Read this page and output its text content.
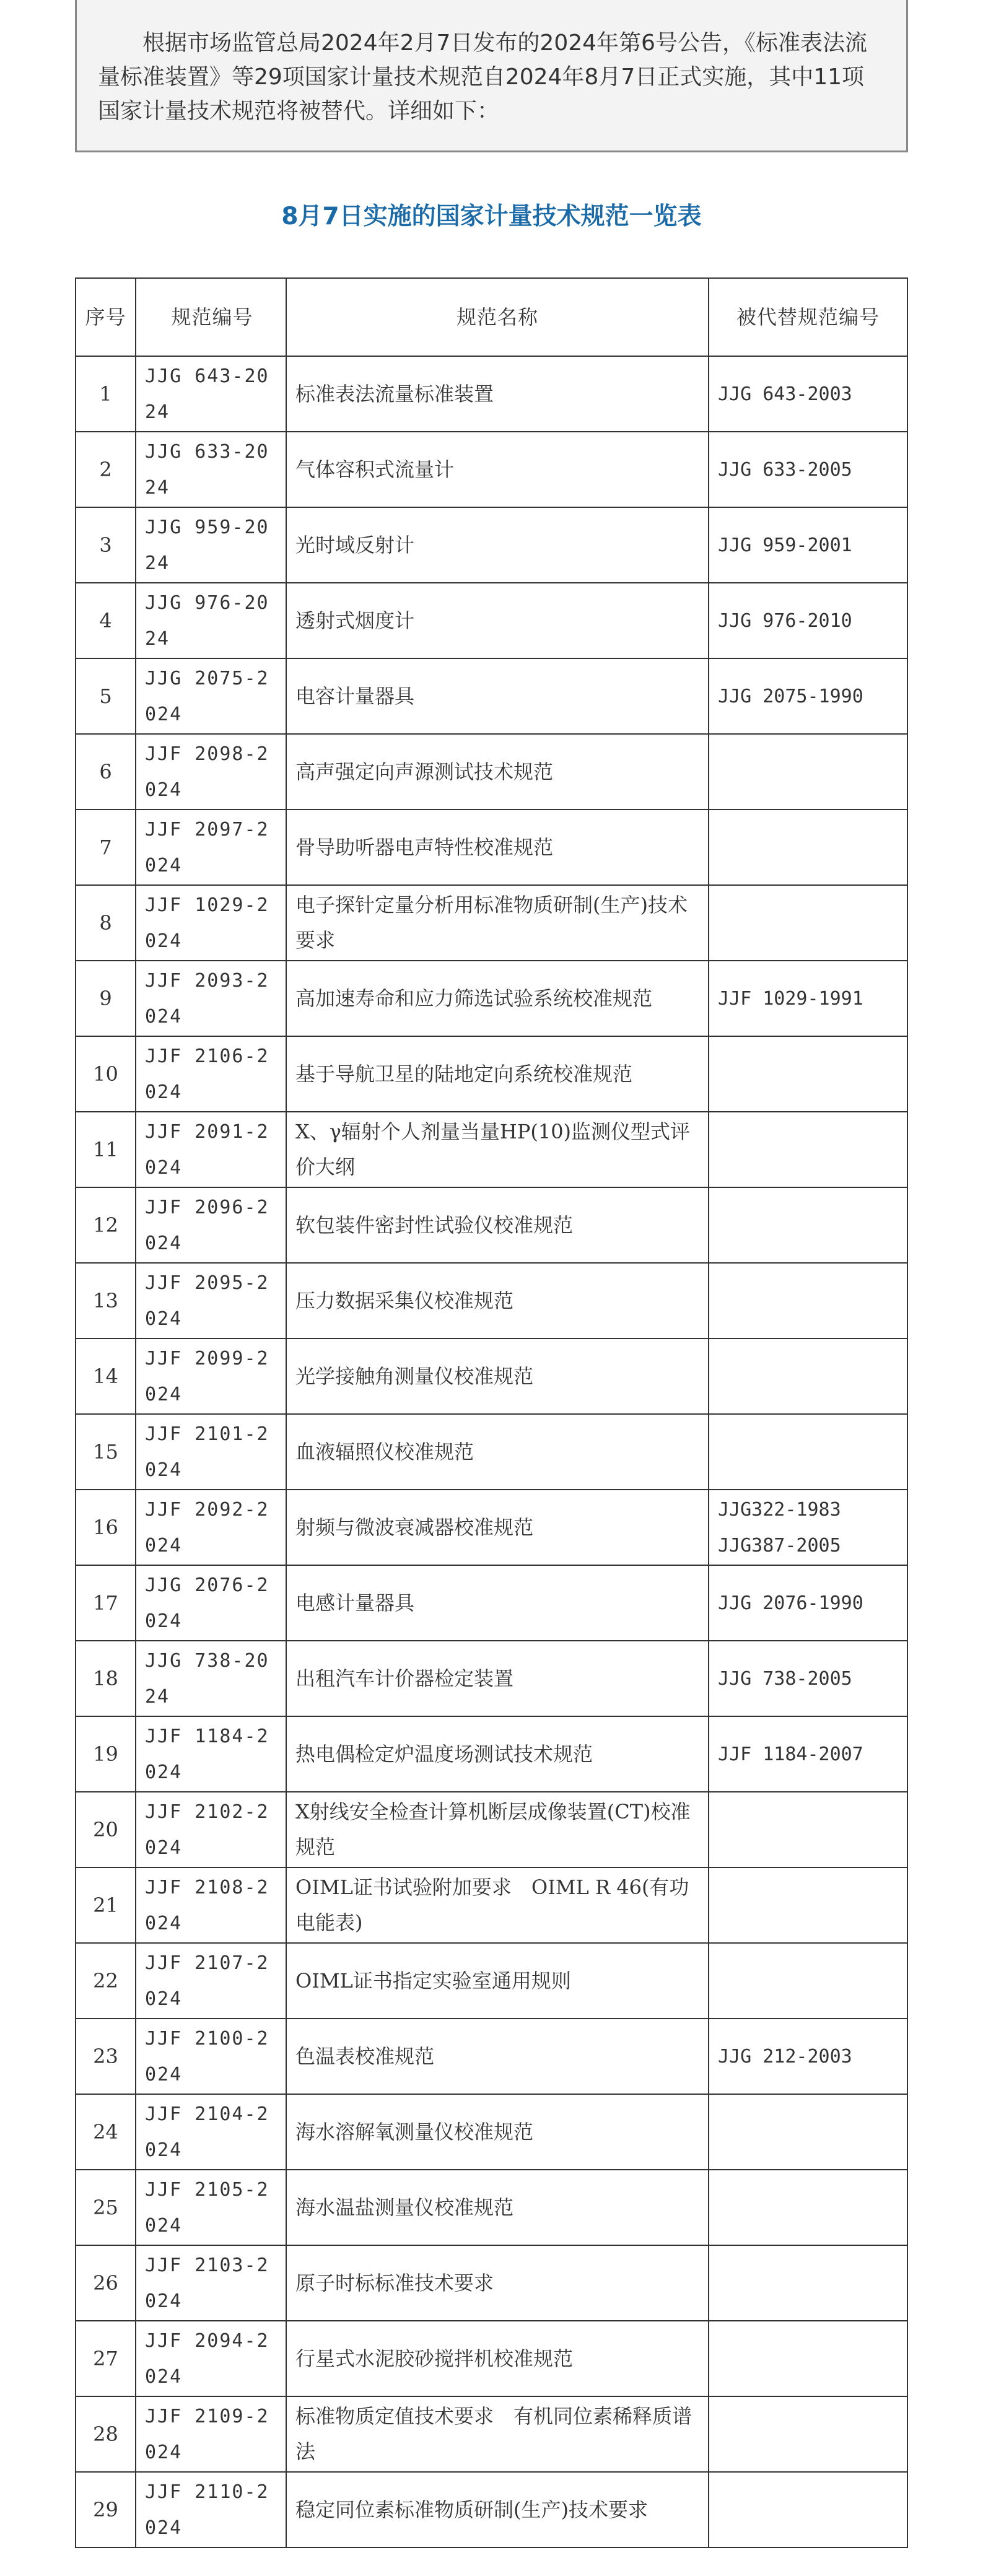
根据市场监管总局2024年2月7日发布的2024年第6号公告，《标准表法流量标准装置》等29项国家计量技术规范自2024年8月7日正式实施，其中11项国家计量技术规范将被替代。详细如下：
8月7日实施的国家计量技术规范一览表
序号	规范编号	规范名称	被代替规范编号
1	JJG 643-2024	标准表法流量标准装置	JJG 643-2003
2	JJG 633-2024	气体容积式流量计	JJG 633-2005
3	JJG 959-2024	光时域反射计	JJG 959-2001
4	JJG 976-2024	透射式烟度计	JJG 976-2010
5	JJG 2075-2024	电容计量器具	JJG 2075-1990
6	JJF 2098-2024	高声强定向声源测试技术规范	
7	JJF 2097-2024	骨导助听器电声特性校准规范	
8	JJF 1029-2024	电子探针定量分析用标准物质研制(生产)技术要求	
9	JJF 2093-2024	高加速寿命和应力筛选试验系统校准规范	JJF 1029-1991
10	JJF 2106-2024	基于导航卫星的陆地定向系统校准规范	
11	JJF 2091-2024	X、γ辐射个人剂量当量HP(10)监测仪型式评价大纲	
12	JJF 2096-2024	软包装件密封性试验仪校准规范	
13	JJF 2095-2024	压力数据采集仪校准规范	
14	JJF 2099-2024	光学接触角测量仪校准规范	
15	JJF 2101-2024	血液辐照仪校准规范	
16	JJF 2092-2024	射频与微波衰减器校准规范	JJG322-1983
JJG387-2005
17	JJG 2076-2024	电感计量器具	JJG 2076-1990
18	JJG 738-2024	出租汽车计价器检定装置	JJG 738-2005
19	JJF 1184-2024	热电偶检定炉温度场测试技术规范	JJF 1184-2007
20	JJF 2102-2024	X射线安全检查计算机断层成像装置(CT)校准规范	
21	JJF 2108-2024	OIML证书试验附加要求　OIML R 46(有功电能表)	
22	JJF 2107-2024	OIML证书指定实验室通用规则	
23	JJF 2100-2024	色温表校准规范	JJG 212-2003
24	JJF 2104-2024	海水溶解氧测量仪校准规范	
25	JJF 2105-2024	海水温盐测量仪校准规范	
26	JJF 2103-2024	原子时标标准技术要求	
27	JJF 2094-2024	行星式水泥胶砂搅拌机校准规范	
28	JJF 2109-2024	标准物质定值技术要求　有机同位素稀释质谱法	
29	JJF 2110-2024	稳定同位素标准物质研制(生产)技术要求	
